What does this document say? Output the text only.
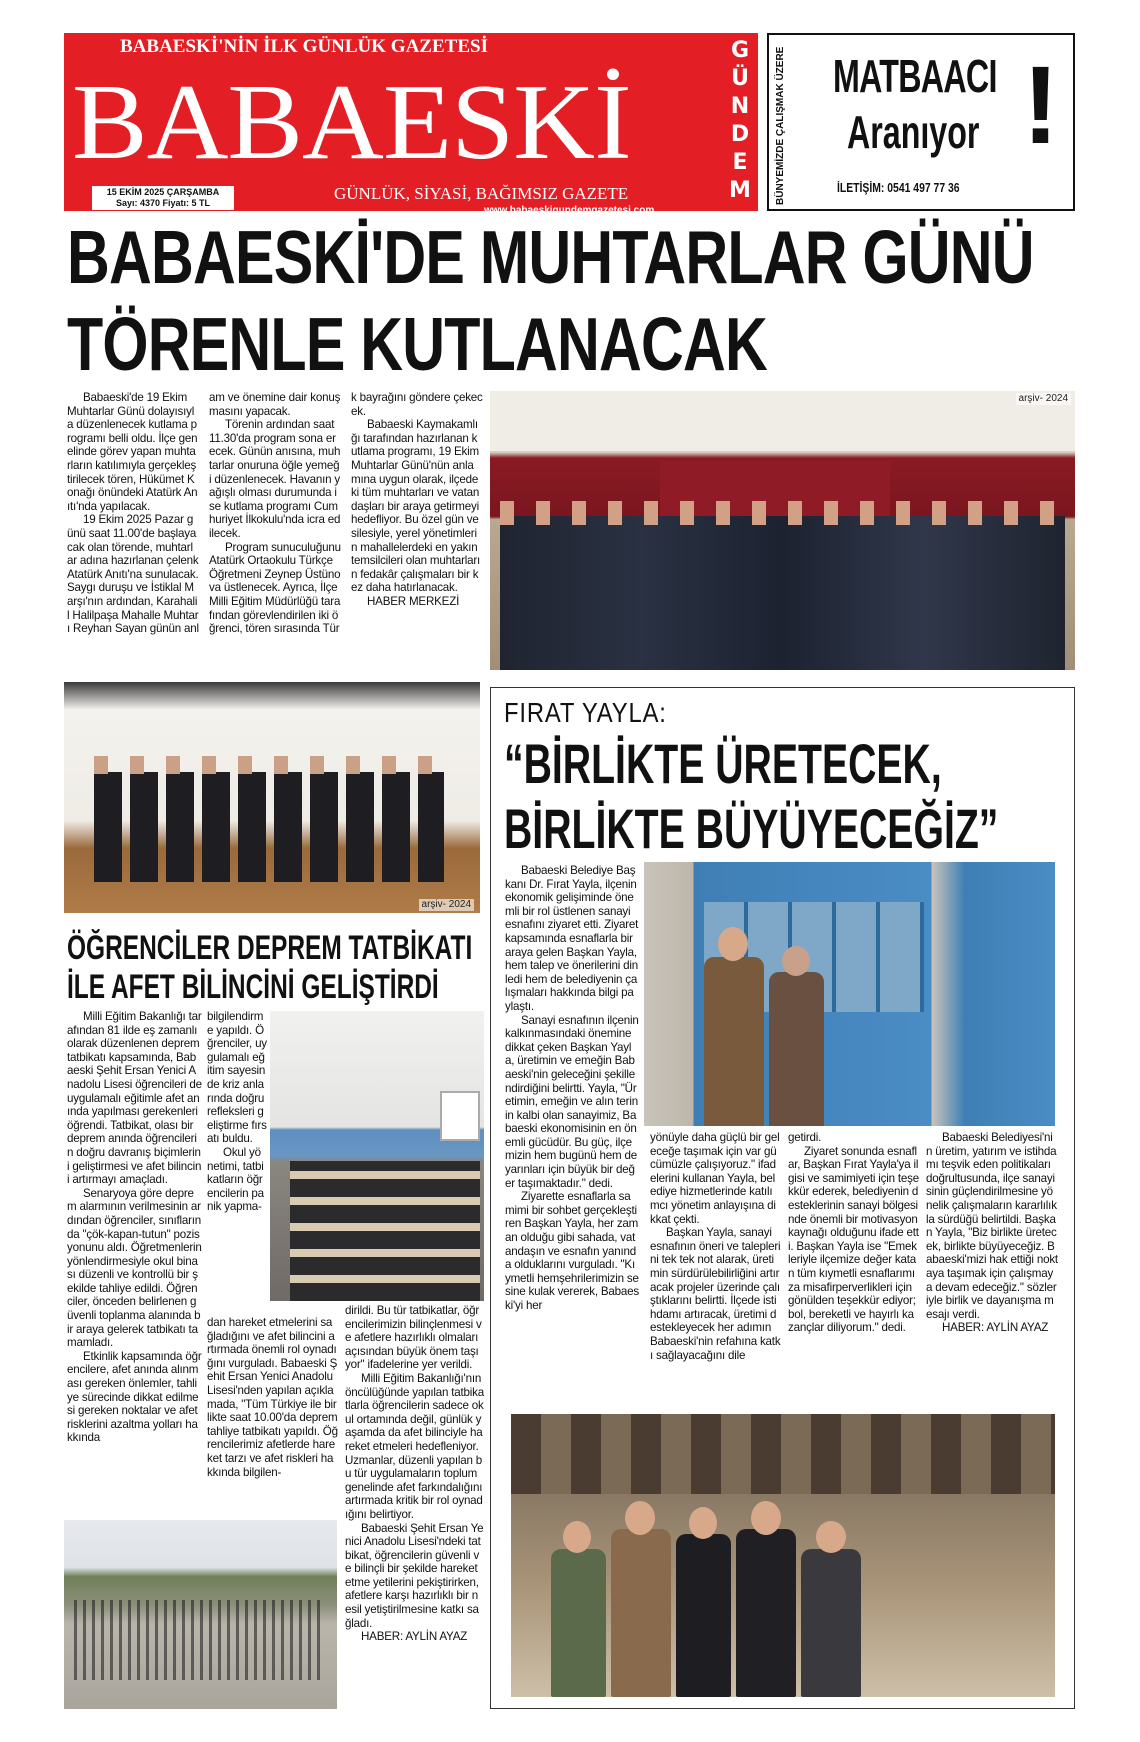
BABAESKİ'NİN İLK GÜNLÜK GAZETESİ
BABAESKİ
G
Ü
N
D
E
M
GÜNLÜK, SİYASİ, BAĞIMSIZ GAZETE
www.babaeskigundemgazetesi.com
15 EKİM 2025 ÇARŞAMBA
Sayı: 4370 Fiyatı: 5 TL	BÜNYEMİZDE ÇALIŞMAK ÜZERE MATBAACI
Aranıyor !
İLETİŞİM: 0541 497 77 36
BABAESKİ'DE MUHTARLAR GÜNÜ
TÖRENLE KUTLANACAK

Babaeski'de 19 Ekim Muhtarlar Günü dolayısıyla düzenlenecek kutlama programı belli oldu. İlçe genelinde görev yapan muhtarların katılımıyla gerçekleştirilecek tören, Hükümet Konağı önündeki Atatürk Anıtı'nda yapılacak.

19 Ekim 2025 Pazar günü saat 11.00'de başlayacak olan törende, muhtarlar adına hazırlanan çelenk Atatürk Anıtı'na sunulacak. Saygı duruşu ve İstiklal Marşı'nın ardından, Karahalil Halilpaşa Mahalle Muhtarı Reyhan Sayan günün anlam ve önemine dair konuşmasını yapacak.

Törenin ardından saat 11.30'da program sona erecek. Günün anısına, muhtarlar onuruna öğle yemeği düzenlenecek. Havanın yağışlı olması durumunda ise kutlama programı Cumhuriyet İlkokulu'nda icra edilecek.

Program sunuculuğunu Atatürk Ortaokulu Türkçe Öğretmeni Zeynep Üstünova üstlenecek. Ayrıca, İlçe Milli Eğitim Müdürlüğü tarafından görevlendirilen iki öğrenci, tören sırasında Türk bayrağını göndere çekecek.

Babaeski Kaymakamlığı tarafından hazırlanan kutlama programı, 19 Ekim Muhtarlar Günü'nün anlamına uygun olarak, ilçedeki tüm muhtarları ve vatandaşları bir araya getirmeyi hedefliyor. Bu özel gün vesilesiyle, yerel yönetimlerin mahallelerdeki en yakın temsilcileri olan muhtarların fedakâr çalışmaları bir kez daha hatırlanacak.

HABER MERKEZİ

arşiv- 2024
arşiv- 2024
ÖĞRENCİLER DEPREM TATBİKATI
İLE AFET BİLİNCİNİ GELİŞTİRDİ

Milli Eğitim Bakanlığı tarafından 81 ilde eş zamanlı olarak düzenlenen deprem tatbikatı kapsamında, Babaeski Şehit Ersan Yenici Anadolu Lisesi öğrencileri de uygulamalı eğitimle afet anında yapılması gerekenleri öğrendi. Tatbikat, olası bir deprem anında öğrencilerin doğru davranış biçimlerini geliştirmesi ve afet bilincini artırmayı amaçladı.

Senaryoya göre deprem alarmının verilmesinin ardından öğrenciler, sınıflarında "çök-kapan-tutun" pozisyonunu aldı. Öğretmenlerin yönlendirmesiyle okul binası düzenli ve kontrollü bir şekilde tahliye edildi. Öğrenciler, önceden belirlenen güvenli toplanma alanında bir araya gelerek tatbikatı tamamladı.

Etkinlik kapsamında öğrencilere, afet anında alınması gereken önlemler, tahliye sürecinde dikkat edilmesi gereken noktalar ve afet risklerini azaltma yolları hakkında

bilgilendirme yapıldı. Öğrenciler, uygulamalı eğitim sayesinde kriz anlarında doğru refleksleri geliştirme fırsatı buldu.

Okul yönetimi, tatbikatların öğrencilerin panik yapma-

dan hareket etmelerini sağladığını ve afet bilincini artırmada önemli rol oynadığını vurguladı. Babaeski Şehit Ersan Yenici Anadolu Lisesi'nden yapılan açıklamada, "Tüm Türkiye ile birlikte saat 10.00'da deprem tahliye tatbikatı yapıldı. Öğrencilerimiz afetlerde hareket tarzı ve afet riskleri hakkında bilgilen-

dirildi. Bu tür tatbikatlar, öğrencilerimizin bilinçlenmesi ve afetlere hazırlıklı olmaları açısından büyük önem taşıyor" ifadelerine yer verildi.

Milli Eğitim Bakanlığı'nın öncülüğünde yapılan tatbikatlarla öğrencilerin sadece okul ortamında değil, günlük yaşamda da afet bilinciyle hareket etmeleri hedefleniyor. Uzmanlar, düzenli yapılan bu tür uygulamaların toplum genelinde afet farkındalığını artırmada kritik bir rol oynadığını belirtiyor.

Babaeski Şehit Ersan Yenici Anadolu Lisesi'ndeki tatbikat, öğrencilerin güvenli ve bilinçli bir şekilde hareket etme yetilerini pekiştirirken, afetlere karşı hazırlıklı bir nesil yetiştirilmesine katkı sağladı.

HABER: AYLİN AYAZ

FIRAT YAYLA:
“BİRLİKTE ÜRETECEK,
BİRLİKTE BÜYÜYECEĞİZ”

Babaeski Belediye Başkanı Dr. Fırat Yayla, ilçenin ekonomik gelişiminde önemli bir rol üstlenen sanayi esnafını ziyaret etti. Ziyaret kapsamında esnaflarla bir araya gelen Başkan Yayla, hem talep ve önerilerini dinledi hem de belediyenin çalışmaları hakkında bilgi paylaştı.

Sanayi esnafının ilçenin kalkınmasındaki önemine dikkat çeken Başkan Yayla, üretimin ve emeğin Babaeski'nin geleceğini şekillendirdiğini belirtti. Yayla, "Üretimin, emeğin ve alın terinin kalbi olan sanayimiz, Babaeski ekonomisinin en önemli gücüdür. Bu güç, ilçemizin hem bugünü hem de yarınları için büyük bir değer taşımaktadır." dedi.

Ziyarette esnaflarla samimi bir sohbet gerçekleştiren Başkan Yayla, her zaman olduğu gibi sahada, vatandaşın ve esnafın yanında olduklarını vurguladı. "Kıymetli hemşehrilerimizin sesine kulak vererek, Babaeski'yi her

yönüyle daha güçlü bir geleceğe taşımak için var gücümüzle çalışıyoruz." ifadelerini kullanan Yayla, belediye hizmetlerinde katılımcı yönetim anlayışına dikkat çekti.

Başkan Yayla, sanayi esnafının öneri ve taleplerini tek tek not alarak, üretimin sürdürülebilirliğini artıracak projeler üzerinde çalıştıklarını belirtti. İlçede istihdamı artıracak, üretimi destekleyecek her adımın Babaeski'nin refahına katkı sağlayacağını dile

getirdi.

Ziyaret sonunda esnaflar, Başkan Fırat Yayla'ya ilgisi ve samimiyeti için teşekkür ederek, belediyenin desteklerinin sanayi bölgesinde önemli bir motivasyon kaynağı olduğunu ifade etti. Başkan Yayla ise "Emekleriyle ilçemize değer katan tüm kıymetli esnaflarımıza misafirperverlikleri için gönülden teşekkür ediyor; bol, bereketli ve hayırlı kazançlar diliyorum." dedi.

Babaeski Belediyesi'nin üretim, yatırım ve istihdamı teşvik eden politikaları doğrultusunda, ilçe sanayisinin güçlendirilmesine yönelik çalışmaların kararlılıkla sürdüğü belirtildi. Başkan Yayla, "Biz birlikte üretecek, birlikte büyüyeceğiz. Babaeski'mizi hak ettiği noktaya taşımak için çalışmaya devam edeceğiz." sözleriyle birlik ve dayanışma mesajı verdi.

HABER: AYLİN AYAZ
